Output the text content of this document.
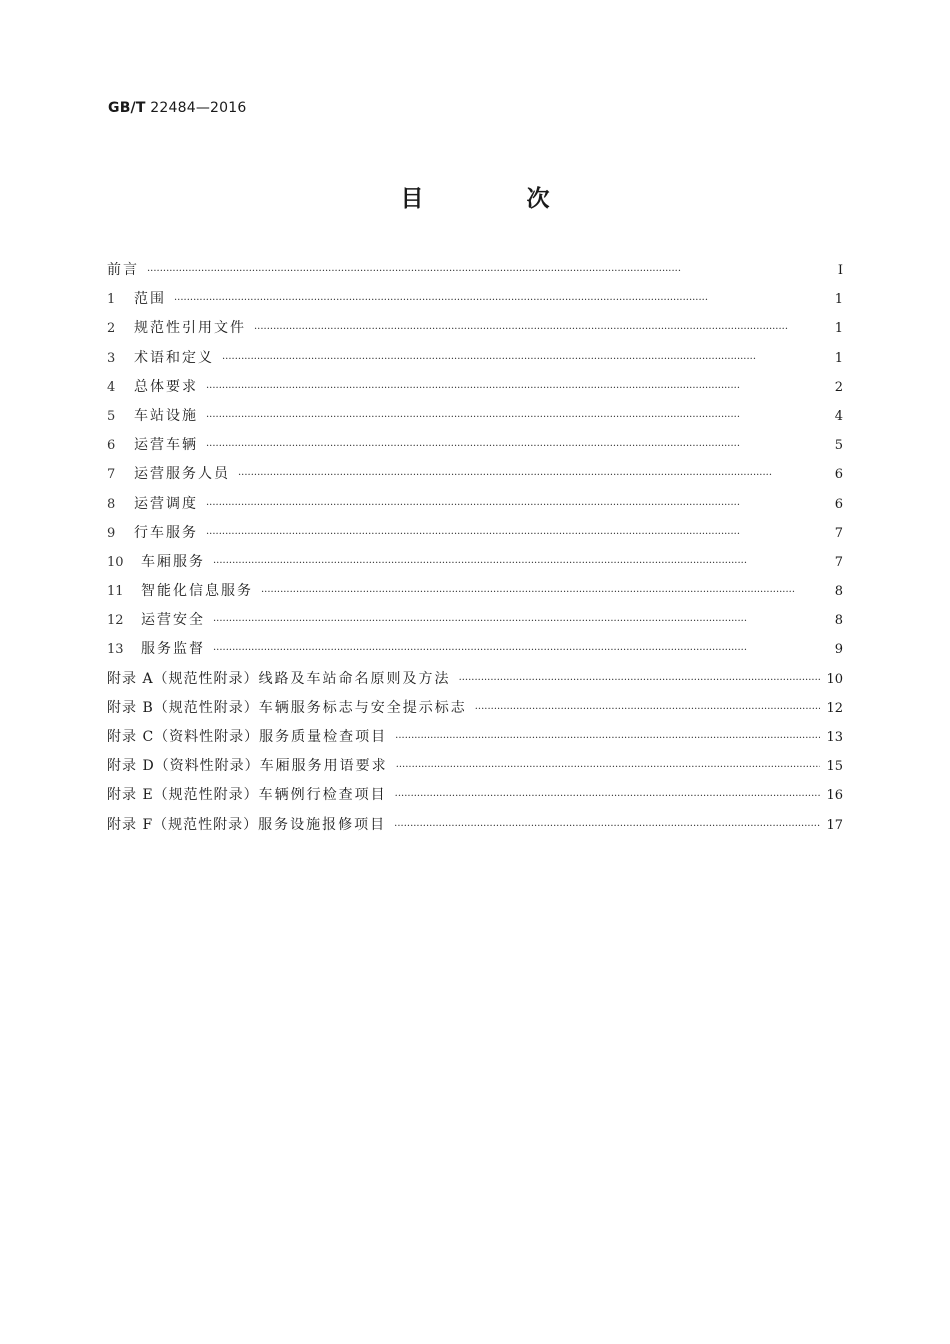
GB/T 22484—2016
目　次
前言 ·····	Ⅰ
1	范围 ·····	1
2	规范性引用文件 ·····	1
3	术语和定义 ·····	1
4	总体要求 ·····	2
5	车站设施 ·····	4
6	运营车辆 ·····	5
7	运营服务人员 ·····	6
8	运营调度 ·····	6
9	行车服务 ·····	7
10	车厢服务 ·····	7
11	智能化信息服务 ·····	8
12	运营安全 ·····	8
13	服务监督 ·····	9
附录 A（规范性附录） 线路及车站命名原则及方法 ·····	10
附录 B（规范性附录） 车辆服务标志与安全提示标志 ·····	12
附录 C（资料性附录） 服务质量检查项目 ·····	13
附录 D（资料性附录） 车厢服务用语要求 ·····	15
附录 E（规范性附录） 车辆例行检查项目 ·····	16
附录 F（规范性附录） 服务设施报修项目 ·····	17
